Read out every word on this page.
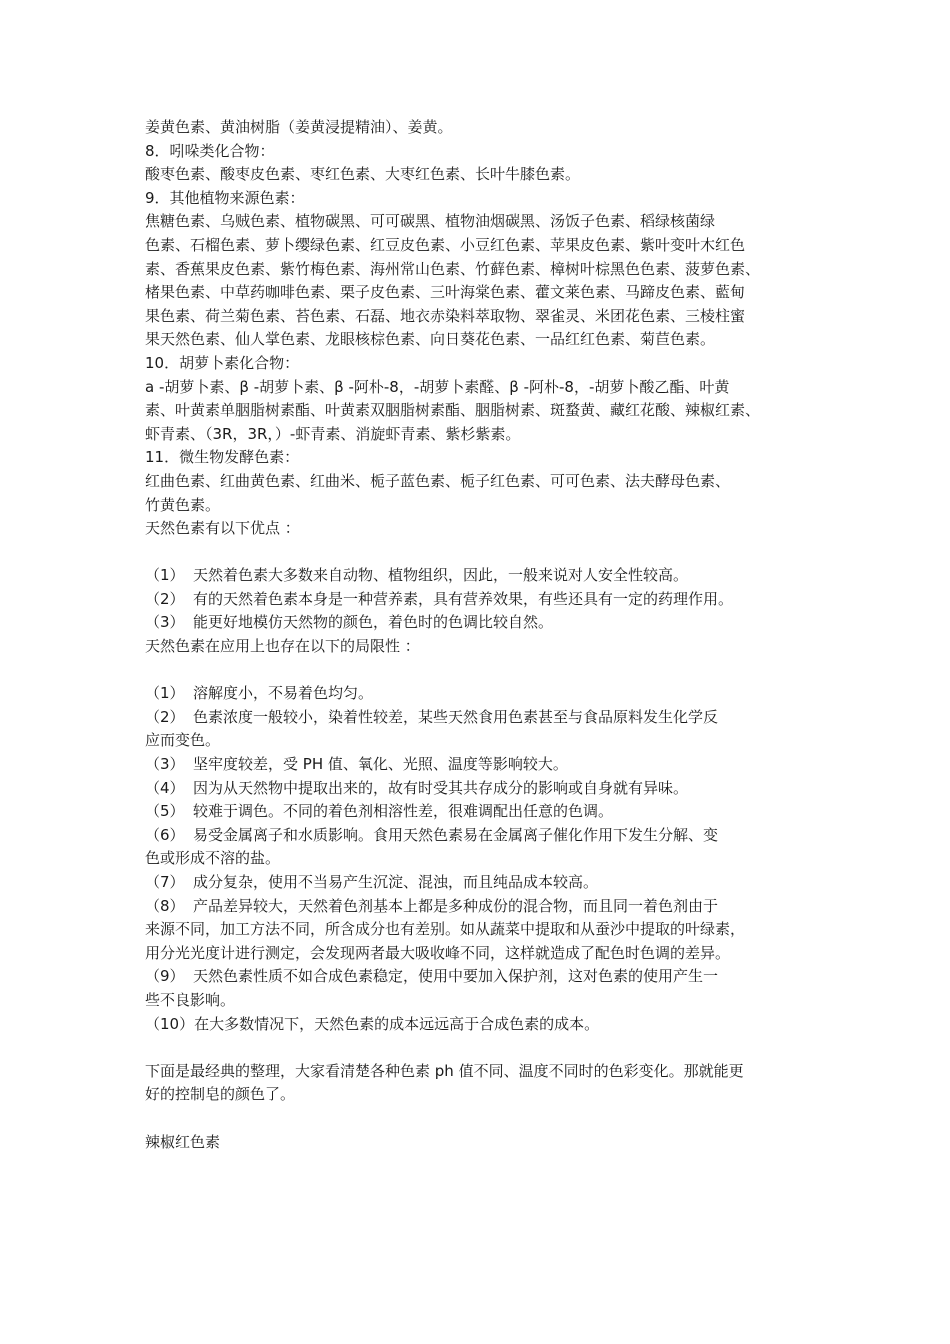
姜黄色素、黄油树脂（姜黄浸提精油）、姜黄。
8．吲哚类化合物：
酸枣色素、酸枣皮色素、枣红色素、大枣红色素、长叶牛膝色素。
9．其他植物来源色素：
焦糖色素、乌贼色素、植物碳黑、可可碳黑、植物油烟碳黑、汤饭子色素、稻绿核菌绿
色素、石榴色素、萝卜缨绿色素、红豆皮色素、小豆红色素、苹果皮色素、紫叶变叶木红色
素、香蕉果皮色素、紫竹梅色素、海州常山色素、竹藓色素、樟树叶棕黑色色素、菠萝色素、
楮果色素、中草药咖啡色素、栗子皮色素、三叶海棠色素、藿文莱色素、马蹄皮色素、藍甸
果色素、荷兰菊色素、苔色素、石磊、地衣赤染料萃取物、翠雀灵、米团花色素、三棱柱蜜
果天然色素、仙人掌色素、龙眼核棕色素、向日葵花色素、一品红红色素、菊苣色素。
10．胡萝卜素化合物：
a -胡萝卜素、β -胡萝卜素、β -阿朴-8，-胡萝卜素醛、β -阿朴-8，-胡萝卜酸乙酯、叶黄
素、叶黄素单胭脂树素酯、叶黄素双胭脂树素酯、胭脂树素、斑蝥黄、藏红花酸、辣椒红素、
虾青素、（3R，3R，）-虾青素、消旋虾青素、紫杉紫素。
11．微生物发酵色素：
红曲色素、红曲黄色素、红曲米、栀子蓝色素、栀子红色素、可可色素、法夫酵母色素、
竹黄色素。
天然色素有以下优点 ：
（1） 天然着色素大多数来自动物、植物组织，因此，一般来说对人安全性较高。
（2） 有的天然着色素本身是一种营养素，具有营养效果，有些还具有一定的药理作用。
（3） 能更好地模仿天然物的颜色，着色时的色调比较自然。
天然色素在应用上也存在以下的局限性 ：
（1） 溶解度小，不易着色均匀。
（2） 色素浓度一般较小，染着性较差，某些天然食用色素甚至与食品原料发生化学反
应而变色。
（3） 坚牢度较差，受 PH 值、氧化、光照、温度等影响较大。
（4） 因为从天然物中提取出来的，故有时受其共存成分的影响或自身就有异味。
（5） 较难于调色。不同的着色剂相溶性差，很难调配出任意的色调。
（6） 易受金属离子和水质影响。食用天然色素易在金属离子催化作用下发生分解、变
色或形成不溶的盐。
（7） 成分复杂，使用不当易产生沉淀、混浊，而且纯品成本较高。
（8） 产品差异较大，天然着色剂基本上都是多种成份的混合物，而且同一着色剂由于
来源不同，加工方法不同，所含成分也有差别。如从蔬菜中提取和从蚕沙中提取的叶绿素，
用分光光度计进行测定，会发现两者最大吸收峰不同，这样就造成了配色时色调的差异。
（9） 天然色素性质不如合成色素稳定，使用中要加入保护剂，这对色素的使用产生一
些不良影响。
（10）在大多数情况下，天然色素的成本远远高于合成色素的成本。
下面是最经典的整理，大家看清楚各种色素 ph 值不同、温度不同时的色彩变化。那就能更
好的控制皂的颜色了。
辣椒红色素
